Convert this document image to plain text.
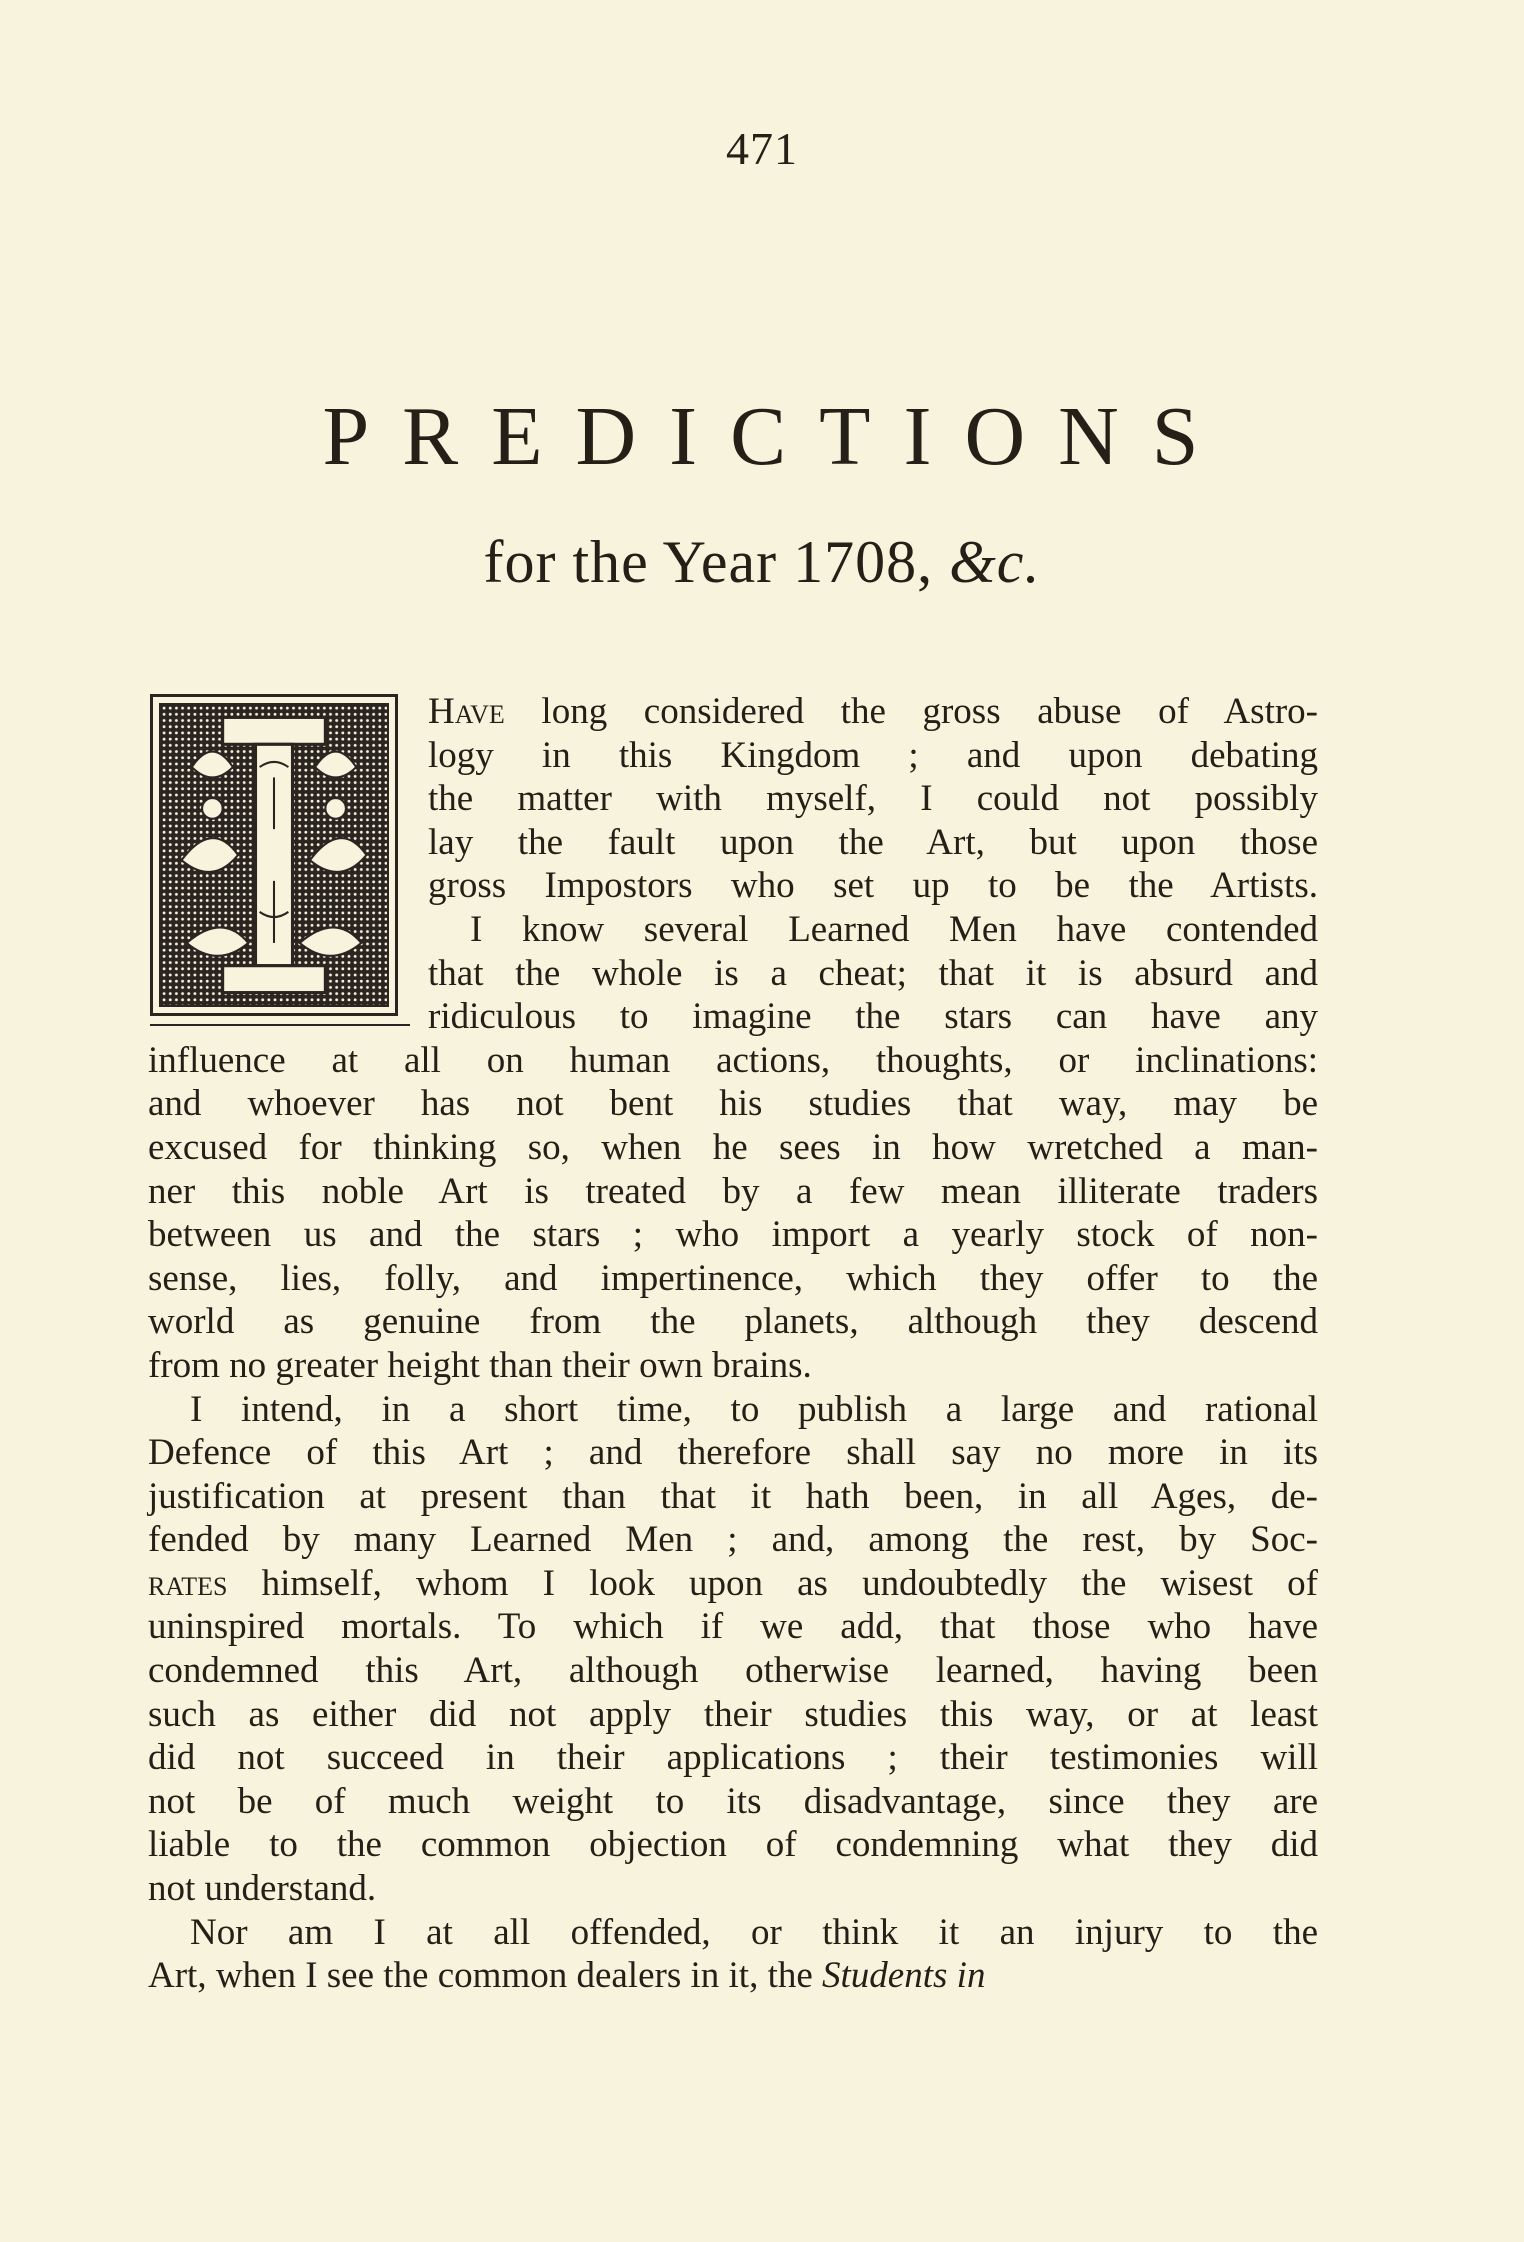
471
PREDICTIONS
for the Year 1708, &c.
Have long considered the gross abuse of Astro-
logy in this Kingdom ; and upon debating
the matter with myself, I could not possibly
lay the fault upon the Art, but upon those
gross Impostors who set up to be the Artists.
I know several Learned Men have contended
that the whole is a cheat; that it is absurd and
ridiculous to imagine the stars can have any
influence at all on human actions, thoughts, or inclinations:
and whoever has not bent his studies that way, may be
excused for thinking so, when he sees in how wretched a man-
ner this noble Art is treated by a few mean illiterate traders
between us and the stars ; who import a yearly stock of non-
sense, lies, folly, and impertinence, which they offer to the
world as genuine from the planets, although they descend
from no greater height than their own brains.
I intend, in a short time, to publish a large and rational
Defence of this Art ; and therefore shall say no more in its
justification at present than that it hath been, in all Ages, de-
fended by many Learned Men ; and, among the rest, by Soc-
rates himself, whom I look upon as undoubtedly the wisest of
uninspired mortals. To which if we add, that those who have
condemned this Art, although otherwise learned, having been
such as either did not apply their studies this way, or at least
did not succeed in their applications ; their testimonies will
not be of much weight to its disadvantage, since they are
liable to the common objection of condemning what they did
not understand.
Nor am I at all offended, or think it an injury to the
Art, when I see the common dealers in it, the Students in
